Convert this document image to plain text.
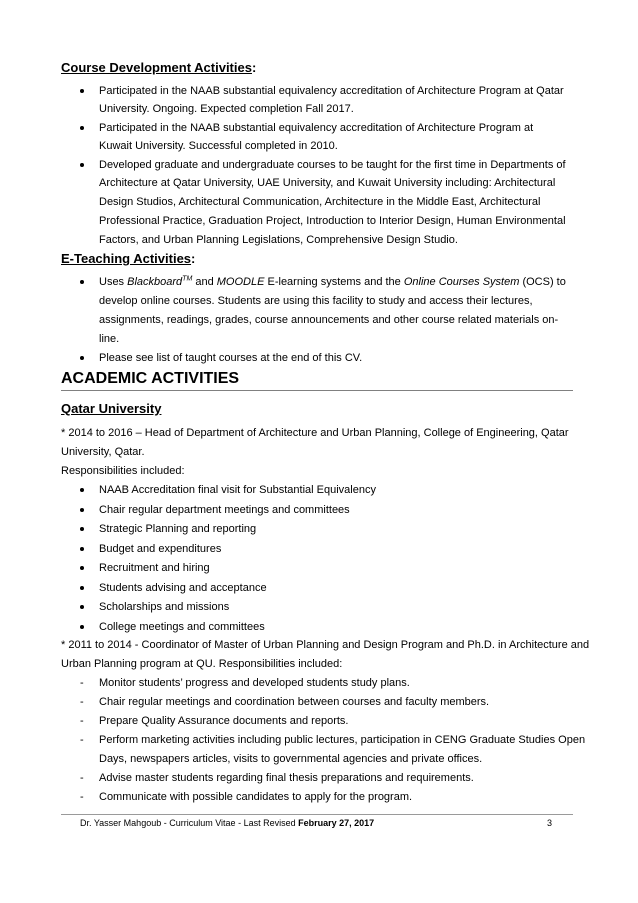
Course Development Activities:
Participated in the NAAB substantial equivalency accreditation of Architecture Program at Qatar
University. Ongoing. Expected completion Fall 2017.
Participated in the NAAB substantial equivalency accreditation of Architecture Program at
Kuwait University. Successful completed in 2010.
Developed graduate and undergraduate courses to be taught for the first time in Departments of
Architecture at Qatar University, UAE University, and Kuwait University including: Architectural
Design Studios, Architectural Communication, Architecture in the Middle East, Architectural
Professional Practice, Graduation Project, Introduction to Interior Design, Human Environmental
Factors, and Urban Planning Legislations, Comprehensive Design Studio.
E-Teaching Activities:
Uses Blackboard™ and MOODLE E-learning systems and the Online Courses System (OCS) to
develop online courses. Students are using this facility to study and access their lectures,
assignments, readings, grades, course announcements and other course related materials on-
line.
Please see list of taught courses at the end of this CV.
ACADEMIC ACTIVITIES
Qatar University
* 2014 to 2016 – Head of Department of Architecture and Urban Planning, College of Engineering, Qatar
University, Qatar.
Responsibilities included:
NAAB Accreditation final visit for Substantial Equivalency
Chair regular department meetings and committees
Strategic Planning and reporting
Budget and expenditures
Recruitment and hiring
Students advising and acceptance
Scholarships and missions
College meetings and committees
* 2011 to 2014 - Coordinator of Master of Urban Planning and Design Program and Ph.D. in Architecture and
Urban Planning program at QU. Responsibilities included:
- Monitor students’ progress and developed students study plans.
- Chair regular meetings and coordination between courses and faculty members.
- Prepare Quality Assurance documents and reports.
- Perform marketing activities including public lectures, participation in CENG Graduate Studies Open
Days, newspapers articles, visits to governmental agencies and private offices.
- Advise master students regarding final thesis preparations and requirements.
- Communicate with possible candidates to apply for the program.
Dr. Yasser Mahgoub - Curriculum Vitae - Last Revised February 27, 2017	3
